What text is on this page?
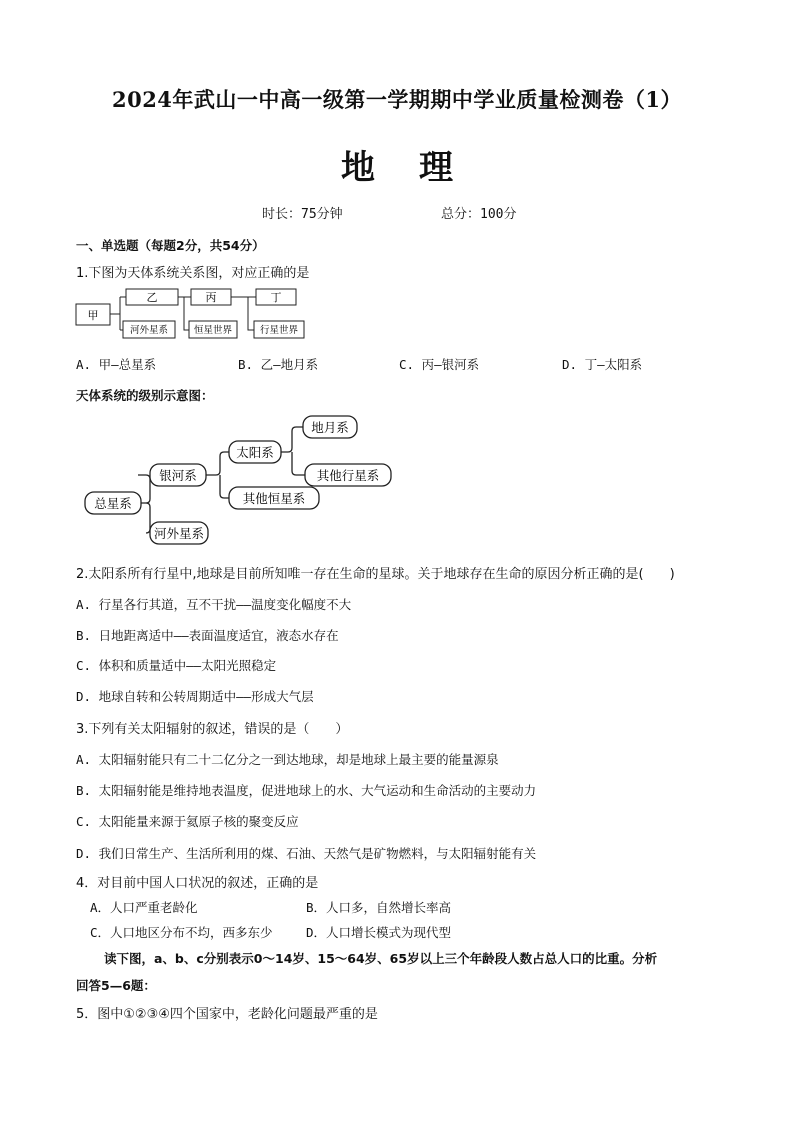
2024年武山一中高一级第一学期期中学业质量检测卷（1）
地理
时长：75分钟	总分：100分
一、单选题（每题2分，共54分）
1.下图为天体系统关系图，对应正确的是
甲
乙	丙	丁
河外星系	恒星世界	行星世界
A. 甲—总星系	B. 乙—地月系	C. 丙—银河系	D. 丁—太阳系
天体系统的级别示意图：
总星系
银河系
河外星系
太阳系
其他恒星系
地月系
其他行星系
2.太阳系所有行星中,地球是目前所知唯一存在生命的星球。关于地球存在生命的原因分析正确的是(　　)
A. 行星各行其道，互不干扰——温度变化幅度不大
B. 日地距离适中——表面温度适宜，液态水存在
C. 体积和质量适中——太阳光照稳定
D. 地球自转和公转周期适中——形成大气层
3.下列有关太阳辐射的叙述，错误的是（　　）
A. 太阳辐射能只有二十二亿分之一到达地球，却是地球上最主要的能量源泉
B. 太阳辐射能是维持地表温度，促进地球上的水、大气运动和生命活动的主要动力
C. 太阳能量来源于氦原子核的聚变反应
D. 我们日常生产、生活所利用的煤、石油、天然气是矿物燃料，与太阳辐射能有关
4．对目前中国人口状况的叙述，正确的是
A．人口严重老龄化	B．人口多，自然增长率高
C．人口地区分布不均，西多东少	D．人口增长模式为现代型
读下图，a、b、c分别表示0～14岁、15～64岁、65岁以上三个年龄段人数占总人口的比重。分析
回答5—6题：
5．图中①②③④四个国家中，老龄化问题最严重的是
